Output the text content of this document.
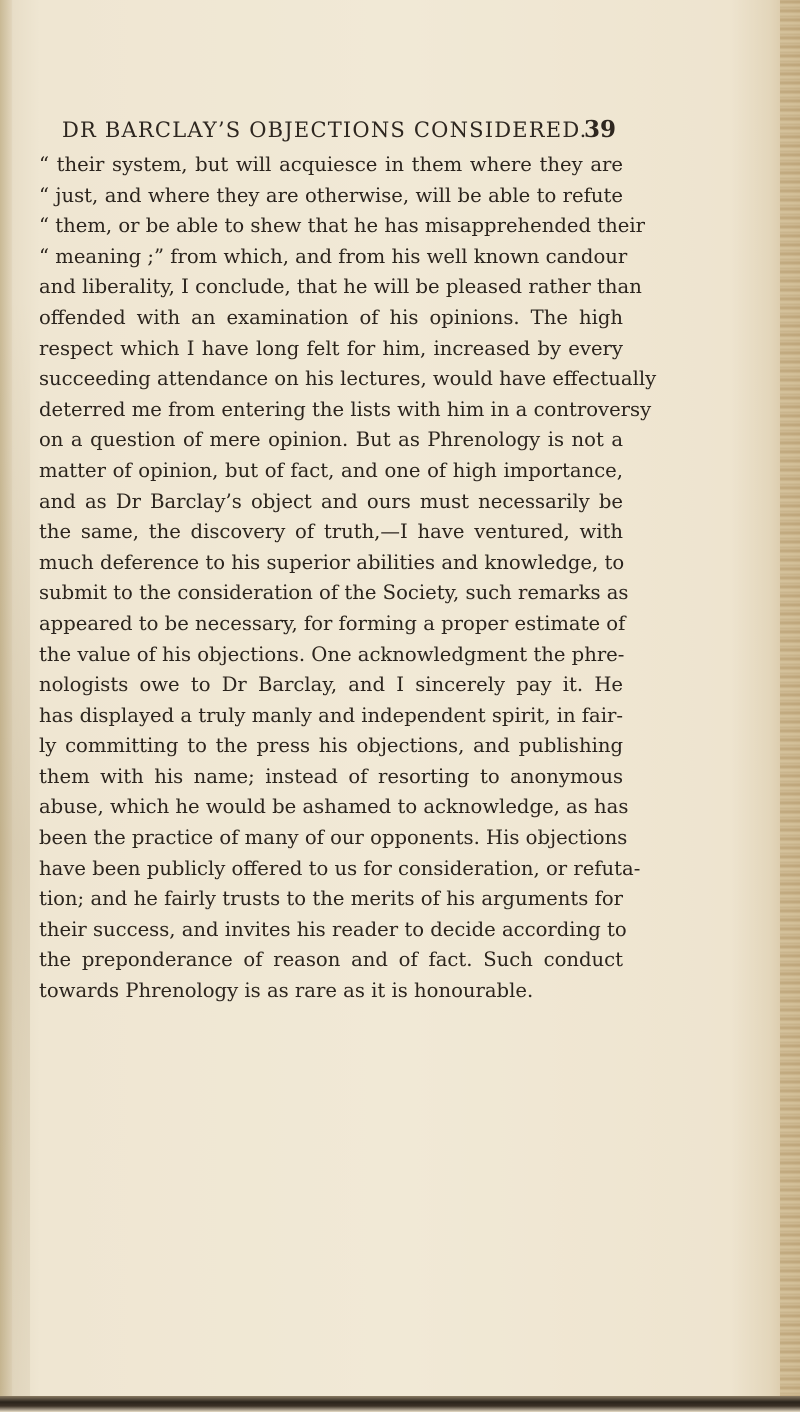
DR BARCLAY’S OBJECTIONS CONSIDERED.
39
“ their system, but will acquiesce in them where they are
“ just, and where they are otherwise, will be able to refute
“ them, or be able to shew that he has misapprehended their
“ meaning ;” from which, and from his well known candour
and liberality, I conclude, that he will be pleased rather than
offended with an examination of his opinions. The high
respect which I have long felt for him, increased by every
succeeding attendance on his lectures, would have effectually
deterred me from entering the lists with him in a controversy
on a question of mere opinion. But as Phrenology is not a
matter of opinion, but of fact, and one of high importance,
and as Dr Barclay’s object and ours must necessarily be
the same, the discovery of truth,—I have ventured, with
much deference to his superior abilities and knowledge, to
submit to the consideration of the Society, such remarks as
appeared to be necessary, for forming a proper estimate of
the value of his objections. One acknowledgment the phre-
nologists owe to Dr Barclay, and I sincerely pay it. He
has displayed a truly manly and independent spirit, in fair-
ly committing to the press his objections, and publishing
them with his name; instead of resorting to anonymous
abuse, which he would be ashamed to acknowledge, as has
been the practice of many of our opponents. His objections
have been publicly offered to us for consideration, or refuta-
tion; and he fairly trusts to the merits of his arguments for
their success, and invites his reader to decide according to
the preponderance of reason and of fact. Such conduct
towards Phrenology is as rare as it is honourable.
